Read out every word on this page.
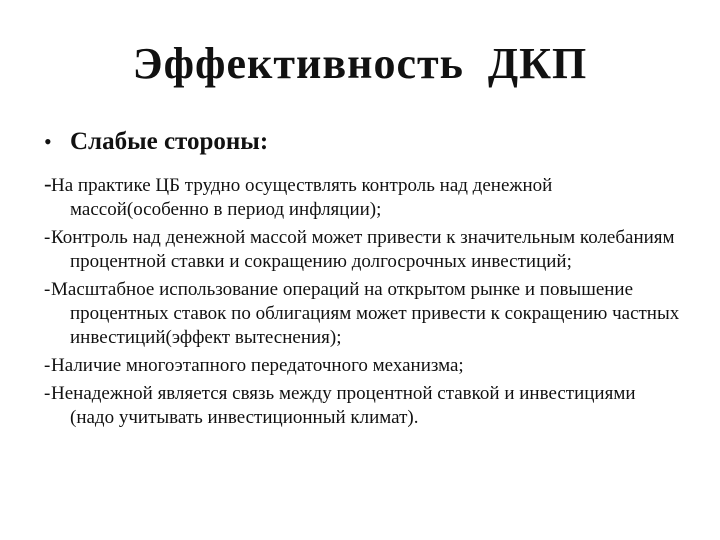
Эффективность  ДКП
• Слабые стороны:
-На практике ЦБ трудно осуществлять контроль над денежной массой(особенно в период инфляции);
-Контроль над денежной массой может привести к значительным колебаниям процентной ставки и сокращению долгосрочных инвестиций;
-Масштабное использование операций на открытом рынке и повышение процентных ставок по облигациям может привести к сокращению частных инвестиций(эффект вытеснения);
-Наличие многоэтапного передаточного механизма;
-Ненадежной является связь между процентной ставкой и инвестициями (надо учитывать инвестиционный климат).
